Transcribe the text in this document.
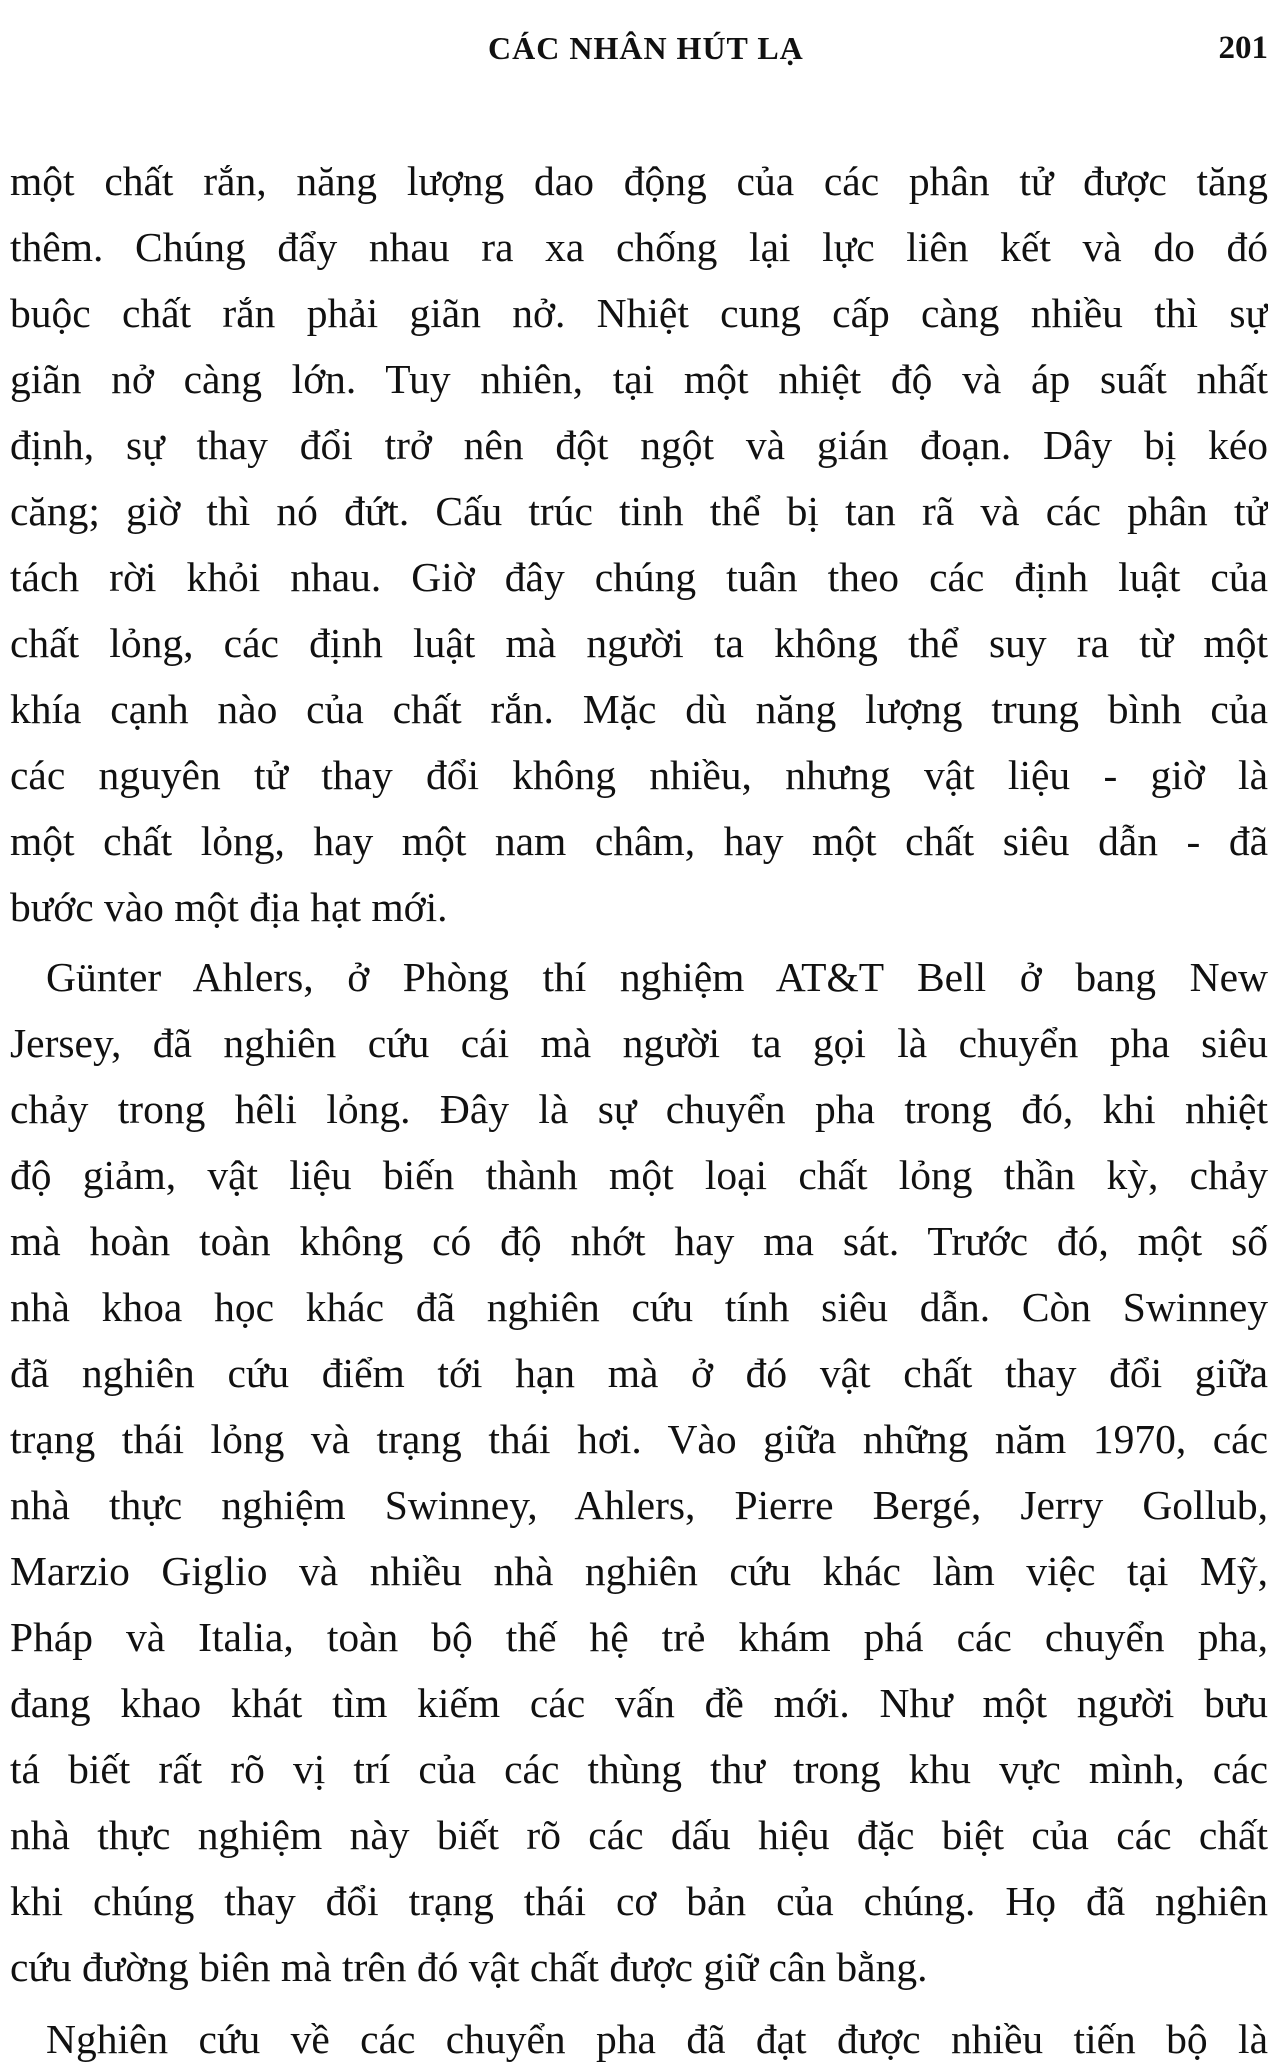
CÁC NHÂN HÚT LẠ	201
một chất rắn, năng lượng dao động của các phân tử được tăng
thêm. Chúng đẩy nhau ra xa chống lại lực liên kết và do đó
buộc chất rắn phải giãn nở. Nhiệt cung cấp càng nhiều thì sự
giãn nở càng lớn. Tuy nhiên, tại một nhiệt độ và áp suất nhất
định, sự thay đổi trở nên đột ngột và gián đoạn. Dây bị kéo
căng; giờ thì nó đứt. Cấu trúc tinh thể bị tan rã và các phân tử
tách rời khỏi nhau. Giờ đây chúng tuân theo các định luật của
chất lỏng, các định luật mà người ta không thể suy ra từ một
khía cạnh nào của chất rắn. Mặc dù năng lượng trung bình của
các nguyên tử thay đổi không nhiều, nhưng vật liệu - giờ là
một chất lỏng, hay một nam châm, hay một chất siêu dẫn - đã
bước vào một địa hạt mới.
Günter Ahlers, ở Phòng thí nghiệm AT&T Bell ở bang New
Jersey, đã nghiên cứu cái mà người ta gọi là chuyển pha siêu
chảy trong hêli lỏng. Đây là sự chuyển pha trong đó, khi nhiệt
độ giảm, vật liệu biến thành một loại chất lỏng thần kỳ, chảy
mà hoàn toàn không có độ nhớt hay ma sát. Trước đó, một số
nhà khoa học khác đã nghiên cứu tính siêu dẫn. Còn Swinney
đã nghiên cứu điểm tới hạn mà ở đó vật chất thay đổi giữa
trạng thái lỏng và trạng thái hơi. Vào giữa những năm 1970, các
nhà thực nghiệm Swinney, Ahlers, Pierre Bergé, Jerry Gollub,
Marzio Giglio và nhiều nhà nghiên cứu khác làm việc tại Mỹ,
Pháp và Italia, toàn bộ thế hệ trẻ khám phá các chuyển pha,
đang khao khát tìm kiếm các vấn đề mới. Như một người bưu
tá biết rất rõ vị trí của các thùng thư trong khu vực mình, các
nhà thực nghiệm này biết rõ các dấu hiệu đặc biệt của các chất
khi chúng thay đổi trạng thái cơ bản của chúng. Họ đã nghiên
cứu đường biên mà trên đó vật chất được giữ cân bằng.
Nghiên cứu về các chuyển pha đã đạt được nhiều tiến bộ là
